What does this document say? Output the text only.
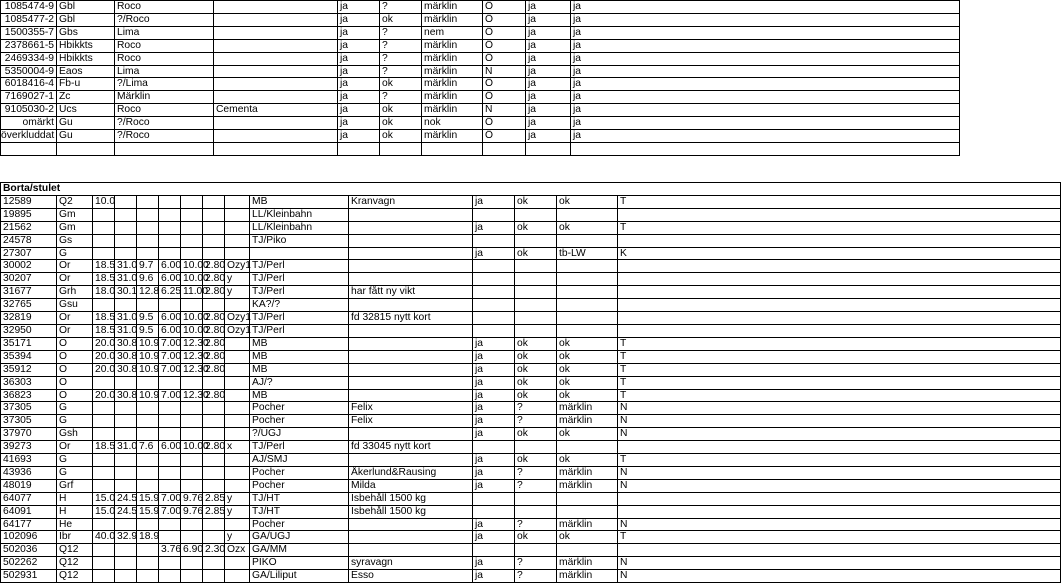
1085474-9	Gbl	Roco		ja	?	märklin	Ö	ja	ja
1085477-2	Gbl	?/Roco		ja	ok	märklin	Ö	ja	ja
1500355-7	Gbs	Lima		ja	?	nem	Ö	ja	ja
2378661-5	Hbikkts	Roco		ja	?	märklin	Ö	ja	ja
2469334-9	Hbikkts	Roco		ja	?	märklin	Ö	ja	ja
5350004-9	Eaos	Lima		ja	?	märklin	N	ja	ja
6018416-4	Fb-u	?/Lima		ja	ok	märklin	Ö	ja	ja
7169027-1	Zc	Märklin		ja	?	märklin	Ö	ja	ja
9105030-2	Ucs	Roco	Cementa	ja	ok	märklin	N	ja	ja
omärkt	Gu	?/Roco		ja	ok	nok	Ö	ja	ja
överkluddat	Gu	?/Roco		ja	ok	märklin	Ö	ja	ja

Borta/stulet														
12589	Q2	10.0							MB	Kranvagn	ja	ok	ok	T
19895	Gm								LL/Kleinbahn					
21562	Gm								LL/Kleinbahn		ja	ok	ok	T
24578	Gs								TJ/Piko					
27307	G										ja	ok	tb-LW	K
30002	Or	18.5	31.0	9.7	6.00	10.00	2.80	Ozy1	TJ/Perl					
30207	Or	18.5	31.0	9.6	6.00	10.00	2.80	y	TJ/Perl					
31677	Grh	18.0	30.1	12.8	6.25	11.00	2.80	y	TJ/Perl	har fått ny vikt				
32765	Gsu								KA?/?					
32819	Or	18.5	31.0	9.5	6.00	10.00	2.80	Ozy1	TJ/Perl	fd 32815 nytt kort				
32950	Or	18.5	31.0	9.5	6.00	10.00	2.80	Ozy1	TJ/Perl					
35171	O	20.0	30.8	10.9	7.00	12.30	2.80		MB		ja	ok	ok	T
35394	O	20.0	30.8	10.9	7.00	12.30	2.80		MB		ja	ok	ok	T
35912	O	20.0	30.8	10.9	7.00	12.30	2.80		MB		ja	ok	ok	T
36303	O								AJ/?		ja	ok	ok	T
36823	O	20.0	30.8	10.9	7.00	12.30	2.80		MB		ja	ok	ok	T
37305	G								Pocher	Felix	ja	?	märklin	N
37305	G								Pocher	Felix	ja	?	märklin	N
37970	Gsh								?/UGJ		ja	ok	ok	N
39273	Or	18.5	31.0	7.6	6.00	10.00	2.80	x	TJ/Perl	fd 33045 nytt kort				
41693	G								AJ/SMJ		ja	ok	ok	T
43936	G								Pocher	Åkerlund&Rausing	ja	?	märklin	N
48019	Grf								Pocher	Milda	ja	?	märklin	N
64077	H	15.0	24.5	15.9	7.00	9.76	2.85	y	TJ/HT	Isbehåll 1500 kg				
64091	H	15.0	24.5	15.9	7.00	9.76	2.85	y	TJ/HT	Isbehåll 1500 kg				
64177	He								Pocher		ja	?	märklin	N
102096	Ibr	40.0	32.9	18.9				y	GA/UGJ		ja	ok	ok	T
502036	Q12				3.76	6.90	2.30	Ozx	GA/MM					
502262	Q12								PIKO	syravagn	ja	?	märklin	N
502931	Q12								GA/Liliput	Esso	ja	?	märklin	N
